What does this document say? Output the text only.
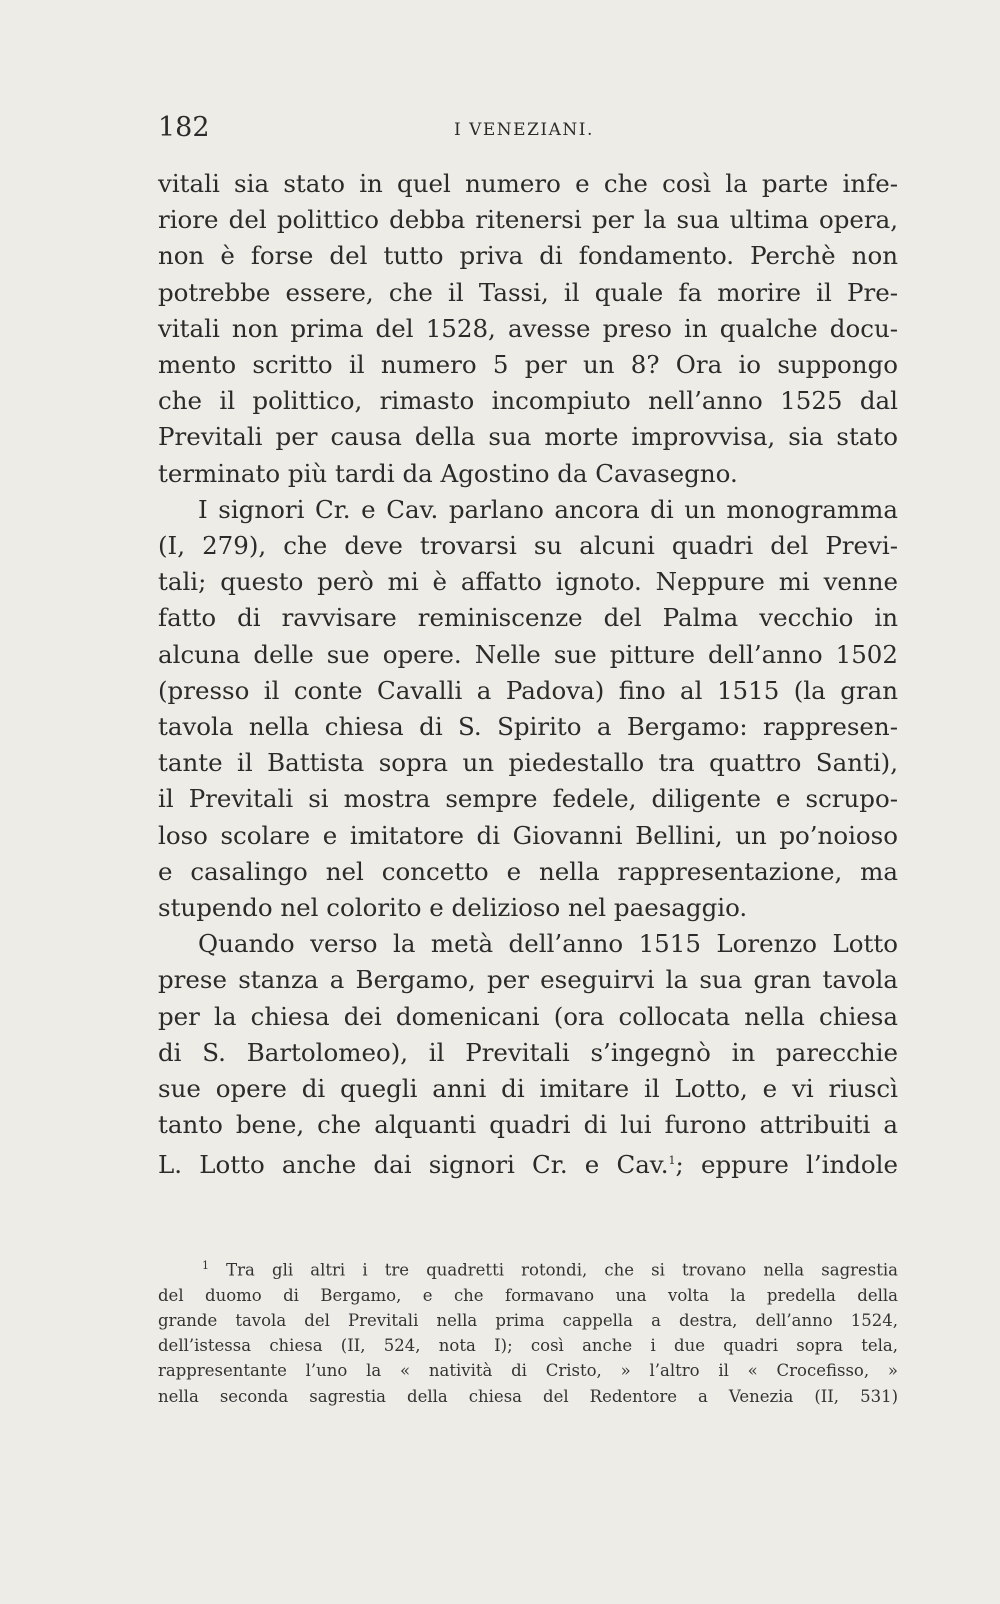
182	I VENEZIANI.
vitali sia stato in quel numero e che così la parte infe-
riore del polittico debba ritenersi per la sua ultima opera,
non è forse del tutto priva di fondamento. Perchè non
potrebbe essere, che il Tassi, il quale fa morire il Pre-
vitali non prima del 1528, avesse preso in qualche docu-
mento scritto il numero 5 per un 8? Ora io suppongo
che il polittico, rimasto incompiuto nell’anno 1525 dal
Previtali per causa della sua morte improvvisa, sia stato
terminato più tardi da Agostino da Cavasegno.
I signori Cr. e Cav. parlano ancora di un monogramma
(I, 279), che deve trovarsi su alcuni quadri del Previ-
tali; questo però mi è affatto ignoto. Neppure mi venne
fatto di ravvisare reminiscenze del Palma vecchio in
alcuna delle sue opere. Nelle sue pitture dell’anno 1502
(presso il conte Cavalli a Padova) fino al 1515 (la gran
tavola nella chiesa di S. Spirito a Bergamo: rappresen-
tante il Battista sopra un piedestallo tra quattro Santi),
il Previtali si mostra sempre fedele, diligente e scrupo-
loso scolare e imitatore di Giovanni Bellini, un po’noioso
e casalingo nel concetto e nella rappresentazione, ma
stupendo nel colorito e delizioso nel paesaggio.
Quando verso la metà dell’anno 1515 Lorenzo Lotto
prese stanza a Bergamo, per eseguirvi la sua gran tavola
per la chiesa dei domenicani (ora collocata nella chiesa
di S. Bartolomeo), il Previtali s’ingegnò in parecchie
sue opere di quegli anni di imitare il Lotto, e vi riuscì
tanto bene, che alquanti quadri di lui furono attribuiti a
L. Lotto anche dai signori Cr. e Cav.$^1$; eppure l’indole
$^1$ Tra gli altri i tre quadretti rotondi, che si trovano nella sagrestia
del duomo di Bergamo, e che formavano una volta la predella della
grande tavola del Previtali nella prima cappella a destra, dell’anno 1524,
dell’istessa chiesa (II, 524, nota I); così anche i due quadri sopra tela,
rappresentante l’uno la « natività di Cristo, » l’altro il « Crocefisso, »
nella seconda sagrestia della chiesa del Redentore a Venezia (II, 531)
